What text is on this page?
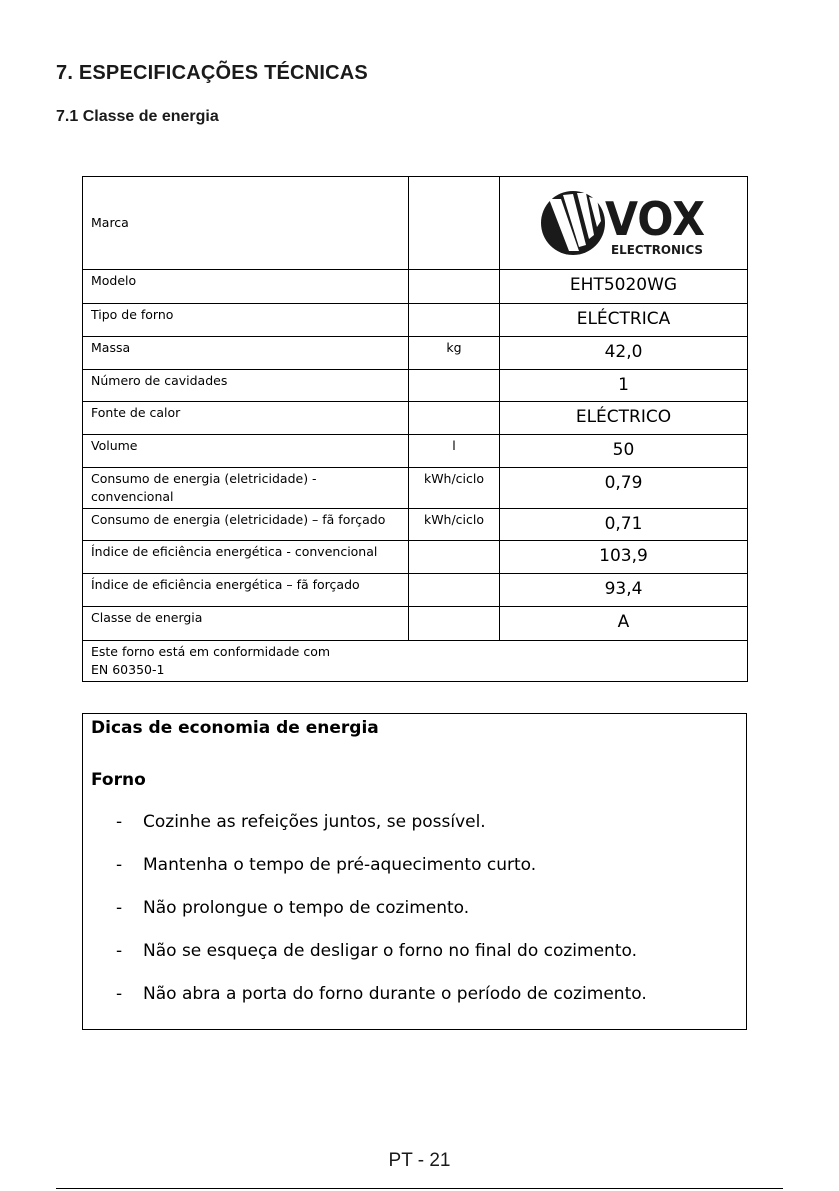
7. ESPECIFICAÇÕES TÉCNICAS
7.1 Classe de energia
Marca		VOX
ELECTRONICS

Modelo		EHT5020WG
Tipo de forno		ELÉCTRICA
Massa	kg	42,0
Número de cavidades		1
Fonte de calor		ELÉCTRICO
Volume	l	50
Consumo de energia (eletricidade) - convencional	kWh/ciclo	0,79
Consumo de energia (eletricidade) – fã forçado	kWh/ciclo	0,71
Índice de eficiência energética - convencional		103,9
Índice de eficiência energética – fã forçado		93,4
Classe de energia		A

Este forno está em conformidade com
EN 60350-1		
Dicas de economia de energia
Forno
-	Cozinhe as refeições juntos, se possível.
-	Mantenha o tempo de pré-aquecimento curto.
-	Não prolongue o tempo de cozimento.
-	Não se esqueça de desligar o forno no final do cozimento.
-	Não abra a porta do forno durante o período de cozimento.
PT - 21
